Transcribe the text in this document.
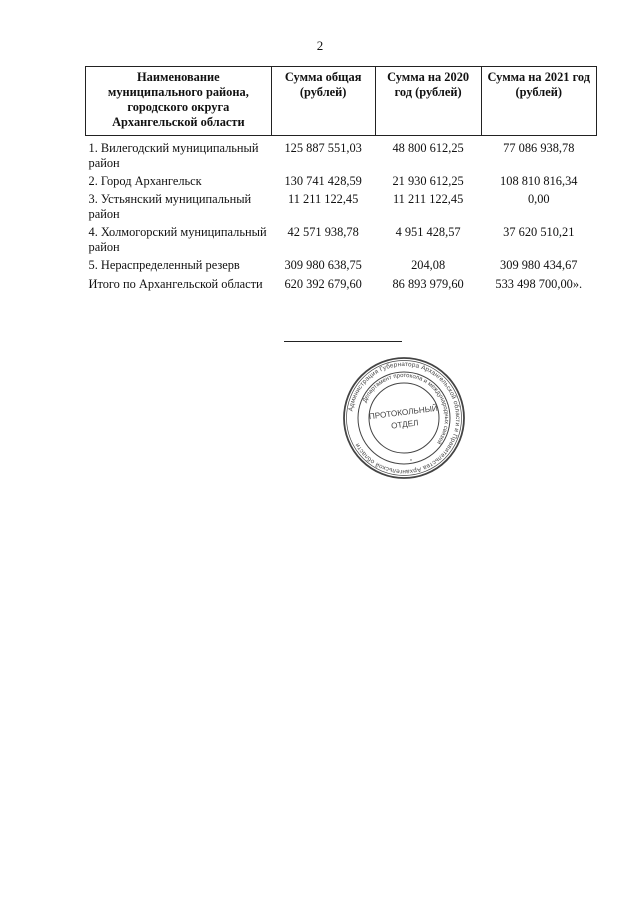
2
Наименование муниципального района, городского округа Архангельской области	Сумма общая (рублей)	Сумма на 2020 год (рублей)	Сумма на 2021 год (рублей)
1. Вилегодский муниципальный район	125 887 551,03	48 800 612,25	77 086 938,78
2. Город Архангельск	130 741 428,59	21 930 612,25	108 810 816,34
3. Устьянский муниципальный район	11 211 122,45	11 211 122,45	0,00
4. Холмогорский муниципальный район	42 571 938,78	4 951 428,57	37 620 510,21
5. Нераспределенный резерв	309 980 638,75	204,08	309 980 434,67
Итого по Архангельской области	620 392 679,60	86 893 979,60	533 498 700,00».
Администрация Губернатора Архангельской области и Правительства Архангельской области
Департамент протокола и международных связей
ПРОТОКОЛЬНЫЙ
ОТДЕЛ
*
